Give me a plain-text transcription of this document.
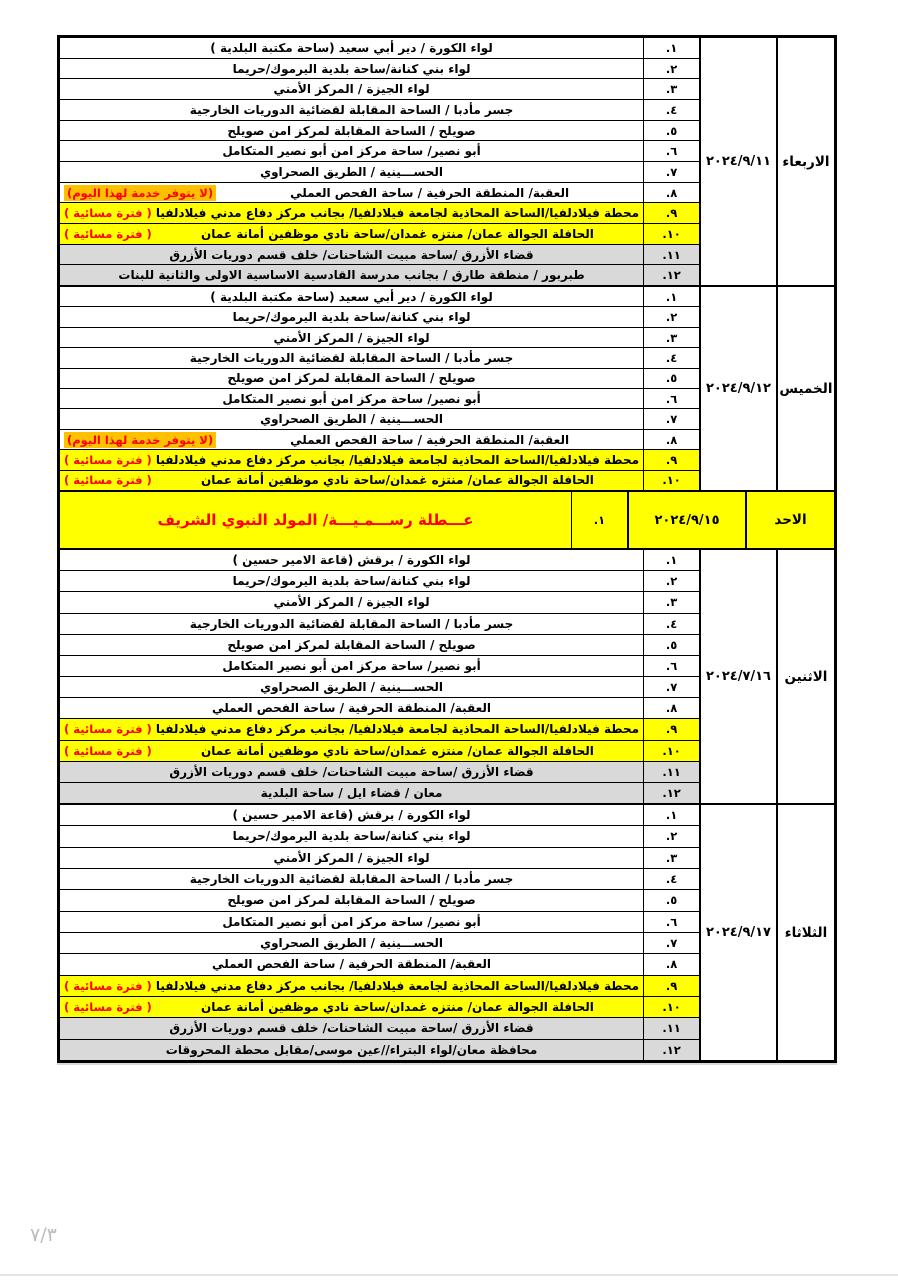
الاربعاء
٢٠٢٤/٩/١١
.١
لواء الكورة / دير أبي سعيد (ساحة مكتبة البلدية )
.٢
لواء بني كنانة/ساحة بلدية اليرموك/حريما
.٣
لواء الجيزة / المركز الأمني
.٤
جسر مأدبا / الساحة المقابلة لقضائية الدوريات الخارجية
.٥
صويلح / الساحة المقابلة لمركز امن صويلح
.٦
أبو نصير/ ساحة مركز امن أبو نصير المتكامل
.٧
الحســـينية / الطريق الصحراوي
.٨
العقبة/ المنطقة الحرفية / ساحة الفحص العملي
(لا يتوفر خدمة لهذا اليوم)
.٩
محطة فيلادلفيا/الساحة المحاذية لجامعة فيلادلفيا/ بجانب مركز دفاع مدني فيلادلفيا
( فترة مسائية )
.١٠
الحافلة الجوالة عمان/ منتزه غمدان/ساحة نادي موظفين أمانة عمان
( فترة مسائية )
.١١
قضاء الأزرق /ساحة مبيت الشاحنات/ خلف قسم دوريات الأزرق
.١٢
طبربور / منطقة طارق / بجانب مدرسة القادسية الاساسية الاولى والثانية للبنات
الخميس
٢٠٢٤/٩/١٢
.١
لواء الكورة / دير أبي سعيد (ساحة مكتبة البلدية )
.٢
لواء بني كنانة/ساحة بلدية اليرموك/حريما
.٣
لواء الجيزة / المركز الأمني
.٤
جسر مأدبا / الساحة المقابلة لقضائية الدوريات الخارجية
.٥
صويلح / الساحة المقابلة لمركز امن صويلح
.٦
أبو نصير/ ساحة مركز امن أبو نصير المتكامل
.٧
الحســـينية / الطريق الصحراوي
.٨
العقبة/ المنطقة الحرفية / ساحة الفحص العملي
(لا يتوفر خدمة لهذا اليوم)
.٩
محطة فيلادلفيا/الساحة المحاذية لجامعة فيلادلفيا/ بجانب مركز دفاع مدني فيلادلفيا
( فترة مسائية )
.١٠
الحافلة الجوالة عمان/ منتزه غمدان/ساحة نادي موظفين أمانة عمان
( فترة مسائية )
الاحد
٢٠٢٤/٩/١٥
.١
عـــطلة رســـمـيـــة/ المولد النبوي الشريف
الاثنين
٢٠٢٤/٧/١٦
.١
لواء الكورة / برقش (قاعة الامير حسين )
.٢
لواء بني كنانة/ساحة بلدية اليرموك/حريما
.٣
لواء الجيزة / المركز الأمني
.٤
جسر مأدبا / الساحة المقابلة لقضائية الدوريات الخارجية
.٥
صويلح / الساحة المقابلة لمركز امن صويلح
.٦
أبو نصير/ ساحة مركز امن أبو نصير المتكامل
.٧
الحســـينية / الطريق الصحراوي
.٨
العقبة/ المنطقة الحرفية / ساحة الفحص العملي
.٩
محطة فيلادلفيا/الساحة المحاذية لجامعة فيلادلفيا/ بجانب مركز دفاع مدني فيلادلفيا
( فترة مسائية )
.١٠
الحافلة الجوالة عمان/ منتزه غمدان/ساحة نادي موظفين أمانة عمان
( فترة مسائية )
.١١
قضاء الأزرق /ساحة مبيت الشاحنات/ خلف قسم دوريات الأزرق
.١٢
معان / قضاء ايل / ساحة البلدية
الثلاثاء
٢٠٢٤/٩/١٧
.١
لواء الكورة / برقش (قاعة الامير حسين )
.٢
لواء بني كنانة/ساحة بلدية اليرموك/حريما
.٣
لواء الجيزة / المركز الأمني
.٤
جسر مأدبا / الساحة المقابلة لقضائية الدوريات الخارجية
.٥
صويلح / الساحة المقابلة لمركز امن صويلح
.٦
أبو نصير/ ساحة مركز امن أبو نصير المتكامل
.٧
الحســـينية / الطريق الصحراوي
.٨
العقبة/ المنطقة الحرفية / ساحة الفحص العملي
.٩
محطة فيلادلفيا/الساحة المحاذية لجامعة فيلادلفيا/ بجانب مركز دفاع مدني فيلادلفيا
( فترة مسائية )
.١٠
الحافلة الجوالة عمان/ منتزه غمدان/ساحة نادي موظفين أمانة عمان
( فترة مسائية )
.١١
قضاء الأزرق /ساحة مبيت الشاحنات/ خلف قسم دوريات الأزرق
.١٢
محافظة معان/لواء البتراء//عين موسى/مقابل محطة المحروقات
٧/٣
